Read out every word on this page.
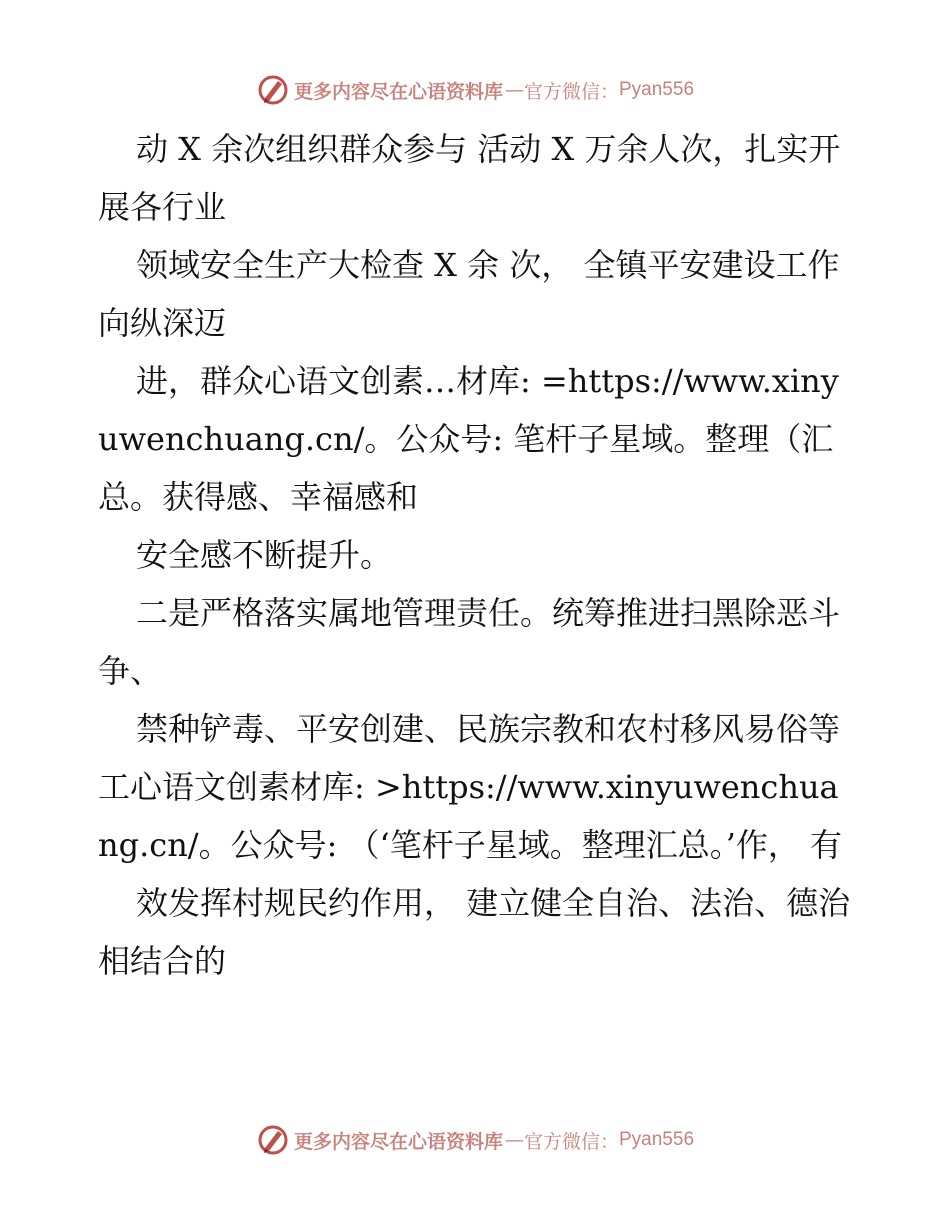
更多内容尽在心语资料库 — 官方微信： Pyan556

动 X 余次组织群众参与 活动 X 万余人次，扎实开展各行业

领域安全生产大检查 X 余 次， 全镇平安建设工作向纵深迈

进，群众心语文创素…材库: =https://www.xinyuwenchuang.cn/。公众号: 笔杆子星域。整理（汇总。获得感、幸福感和

安全感不断提升。

二是严格落实属地管理责任。统筹推进扫黑除恶斗争、

禁种铲毒、平安创建、民族宗教和农村移风易俗等工心语文创素材库: >https://www.xinyuwenchuang.cn/。公众号: （‘笔杆子星域。整理汇总。’作， 有

效发挥村规民约作用， 建立健全自治、法治、德治相结合的

更多内容尽在心语资料库 — 官方微信： Pyan556
